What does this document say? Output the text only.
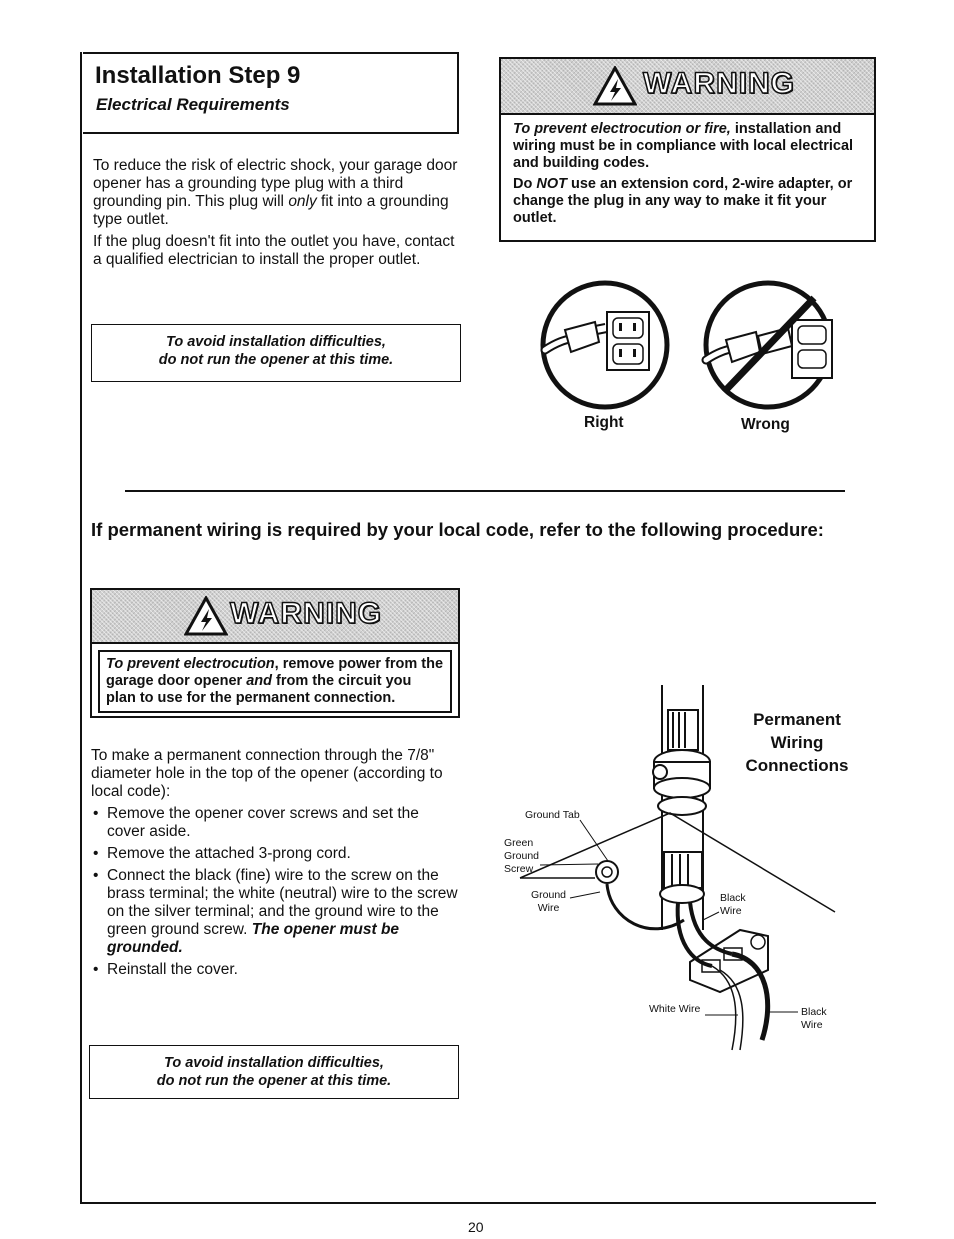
Installation Step 9
Electrical Requirements

To reduce the risk of electric shock, your garage door opener has a grounding type plug with a third grounding pin. This plug will only fit into a grounding type outlet.

If the plug doesn't fit into the outlet you have, contact a qualified electrician to install the proper outlet.

To avoid installation difficulties,
do not run the opener at this time.
WARNING

To prevent electrocution or fire, installation and wiring must be in compliance with local electrical and building codes.

Do NOT use an extension cord, 2-wire adapter, or change the plug in any way to make it fit your outlet.

Right	Wrong
If permanent wiring is required by your local code, refer to the following procedure:
WARNING
To prevent electrocution, remove power from the garage door opener and from the circuit you plan to use for the permanent connection.

To make a permanent connection through the 7/8" diameter hole in the top of the opener (according to local code):

• Remove the opener cover screws and set the cover aside.
• Remove the attached 3-prong cord.
• Connect the black (fine) wire to the screw on the brass terminal; the white (neutral) wire to the screw on the silver terminal; and the ground wire to the green ground screw. The opener must be grounded.
• Reinstall the cover.
To avoid installation difficulties,
do not run the opener at this time.
Permanent
Wiring
Connections
Ground Tab
Green
Ground
Screw
Ground
Wire
Black
Wire
White Wire	Black
Wire
20
